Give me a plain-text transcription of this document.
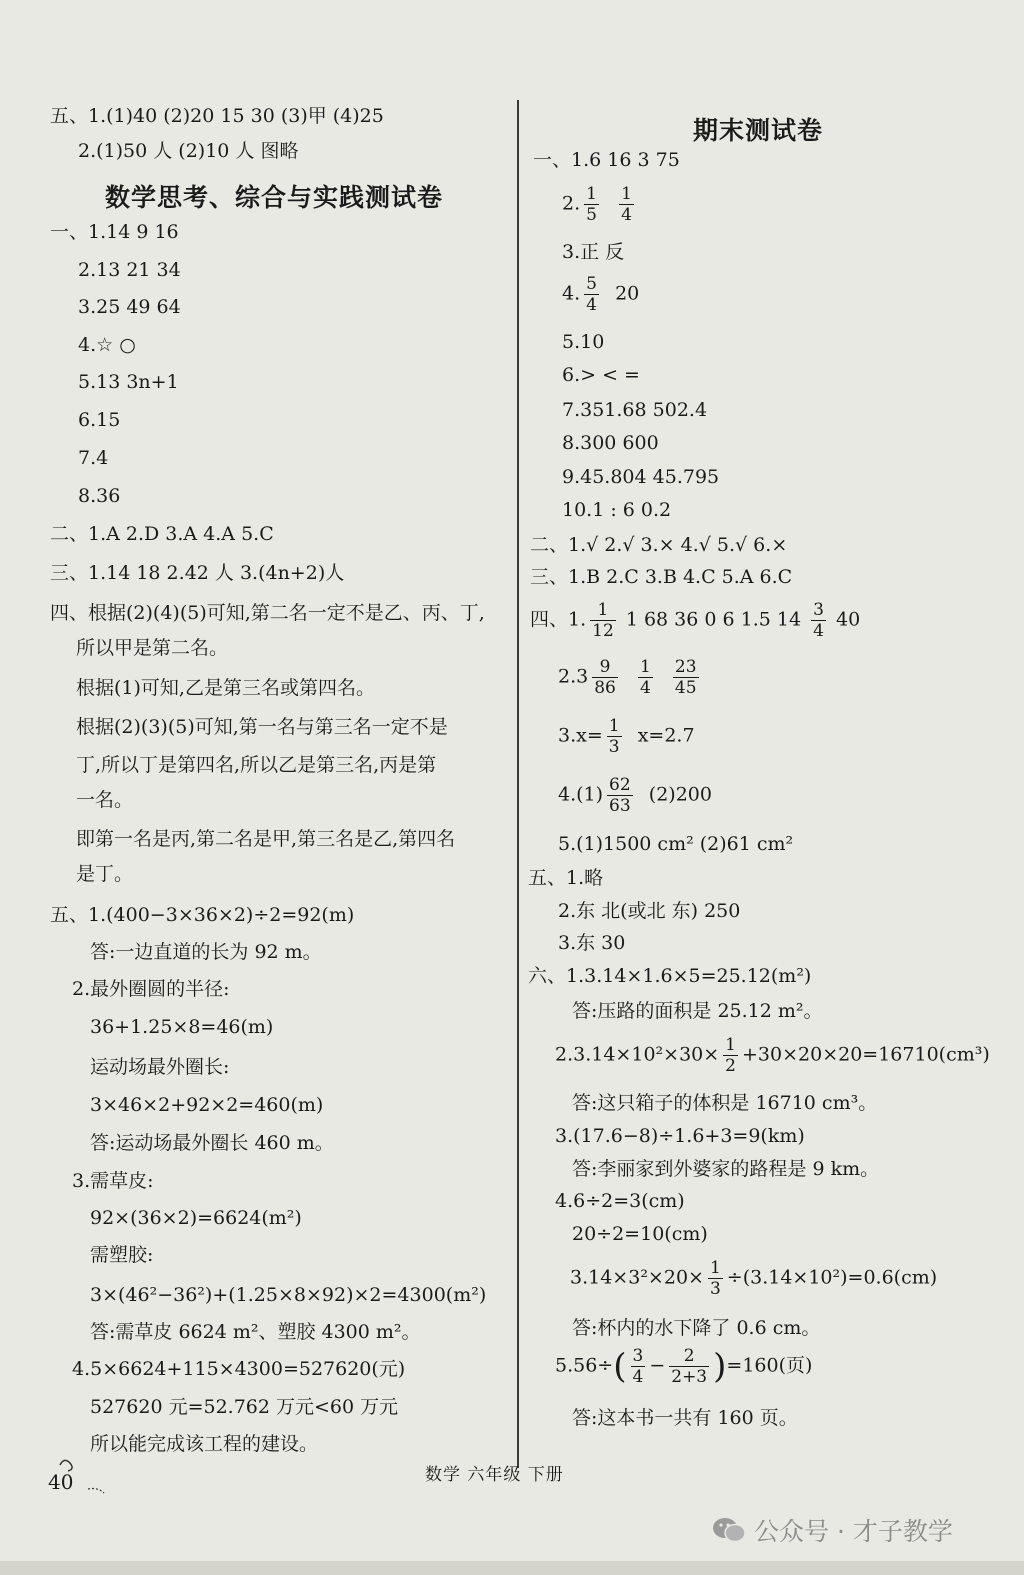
五、1.(1)40 (2)20 15 30 (3)甲 (4)25
2.(1)50 人 (2)10 人 图略
数学思考、综合与实践测试卷
一、1.14 9 16
2.13 21 34
3.25 49 64
4.☆ ○
5.13 3n+1
6.15
7.4
8.36
二、1.A 2.D 3.A 4.A 5.C
三、1.14 18 2.42 人 3.(4n+2)人
四、根据(2)(4)(5)可知,第二名一定不是乙、丙、丁,
所以甲是第二名。
根据(1)可知,乙是第三名或第四名。
根据(2)(3)(5)可知,第一名与第三名一定不是
丁,所以丁是第四名,所以乙是第三名,丙是第
一名。
即第一名是丙,第二名是甲,第三名是乙,第四名
是丁。
五、1.(400−3×36×2)÷2=92(m)
答:一边直道的长为 92 m。
2.最外圈圆的半径:
36+1.25×8=46(m)
运动场最外圈长:
3×46×2+92×2=460(m)
答:运动场最外圈长 460 m。
3.需草皮:
92×(36×2)=6624(m²)
需塑胶:
3×(46²−36²)+(1.25×8×92)×2=4300(m²)
答:需草皮 6624 m²、塑胶 4300 m²。
4.5×6624+115×4300=527620(元)
527620 元=52.762 万元<60 万元
所以能完成该工程的建设。
期末测试卷
一、1.6 16 3 75
2. $\frac{1}{5}$
$\frac{1}{4}$
3.正 反
4. $\frac{5}{4} 20$
5.10
6.> < =
7.351.68 502.4
8.300 600
9.45.804 45.795
10.1 : 6 0.2
二、1.√ 2.√ 3.× 4.√ 5.√ 6.×
三、1.B 2.C 3.B 4.C 5.A 6.C
四、1. $\frac{1}{12} 1$ 68 36 0 6 1.5 $14 \frac{3}{4} 40$
$2.3 \frac{9}{86}$
$\frac{1}{4}$
$\frac{23}{45}$
$3.x= \frac{1}{3} x=2.7$
$4.(1) \frac{62}{63} (2)200$
5.(1)1500 cm² (2)61 cm²
五、1.略
2.东 北(或北 东) 250
3.东 30
六、1.3.14×1.6×5=25.12(m²)
答:压路的面积是 25.12 m²。
$2.3.14\times 10^2\times 30\times \frac{1}{2} +30\times 20\times 20=16710(cm^3)$
答:这只箱子的体积是 16710 cm³。
3.(17.6−8)÷1.6+3=9(km)
答:李丽家到外婆家的路程是 9 km。
4.6÷2=3(cm)
20÷2=10(cm)
$3.14\times 3^2\times 20\times \frac{1}{3} \div(3.14\times 10^2)=0.6(cm)$
答:杯内的水下降了 0.6 cm。
$5.56\div( \frac{3}{4} - \frac{2}{2+3} )=160$(页)
答:这本书一共有 160 页。
40	数学 六年级 下册
公众号 · 才子教学
